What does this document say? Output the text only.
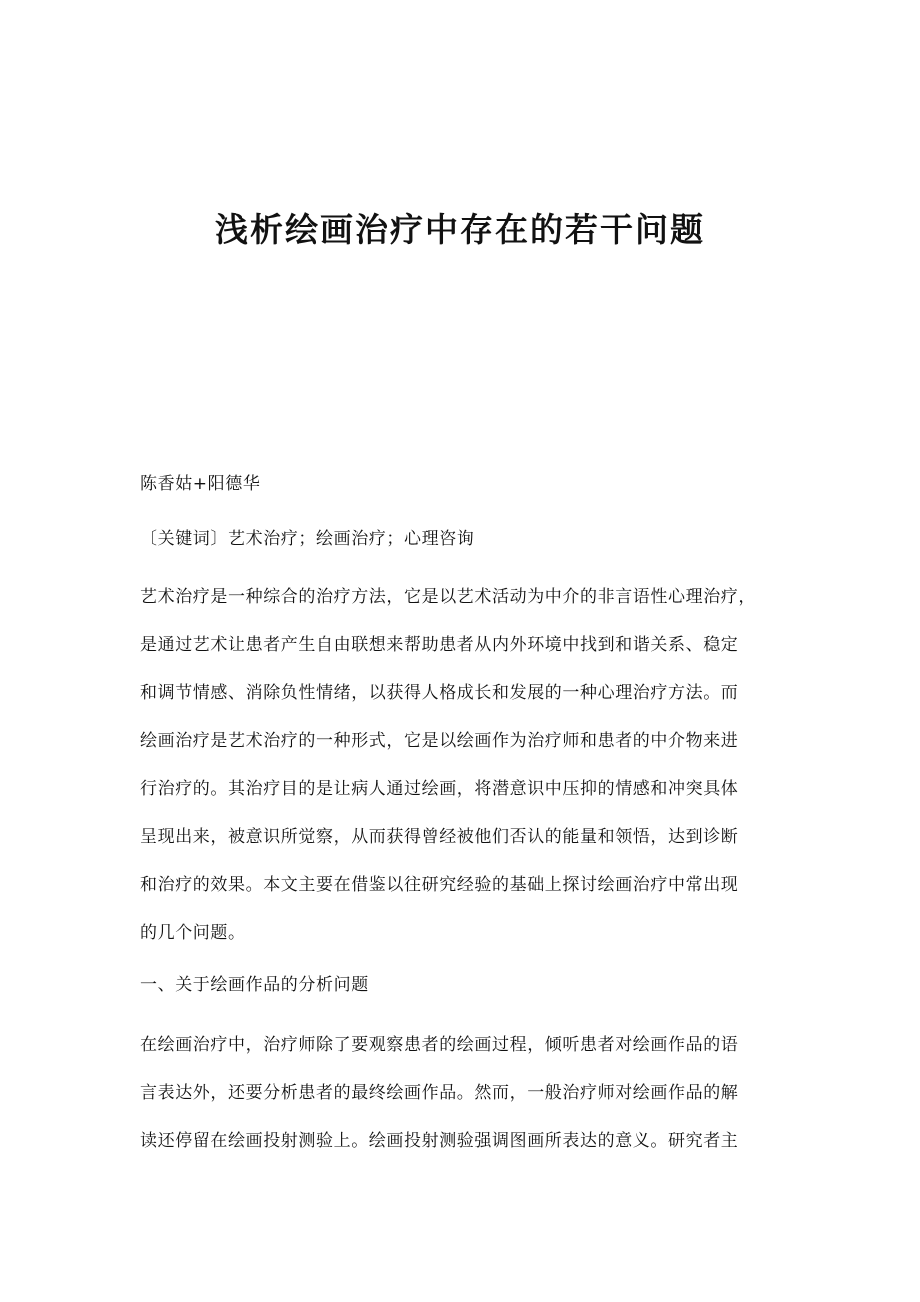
浅析绘画治疗中存在的若干问题
陈香姑+阳德华
〔关键词〕艺术治疗；绘画治疗；心理咨询
艺术治疗是一种综合的治疗方法，它是以艺术活动为中介的非言语性心理治疗，
是通过艺术让患者产生自由联想来帮助患者从内外环境中找到和谐关系、稳定
和调节情感、消除负性情绪，以获得人格成长和发展的一种心理治疗方法。而
绘画治疗是艺术治疗的一种形式，它是以绘画作为治疗师和患者的中介物来进
行治疗的。其治疗目的是让病人通过绘画，将潜意识中压抑的情感和冲突具体
呈现出来，被意识所觉察，从而获得曾经被他们否认的能量和领悟，达到诊断
和治疗的效果。本文主要在借鉴以往研究经验的基础上探讨绘画治疗中常出现
的几个问题。
一、关于绘画作品的分析问题
在绘画治疗中，治疗师除了要观察患者的绘画过程，倾听患者对绘画作品的语
言表达外，还要分析患者的最终绘画作品。然而，一般治疗师对绘画作品的解
读还停留在绘画投射测验上。绘画投射测验强调图画所表达的意义。研究者主
